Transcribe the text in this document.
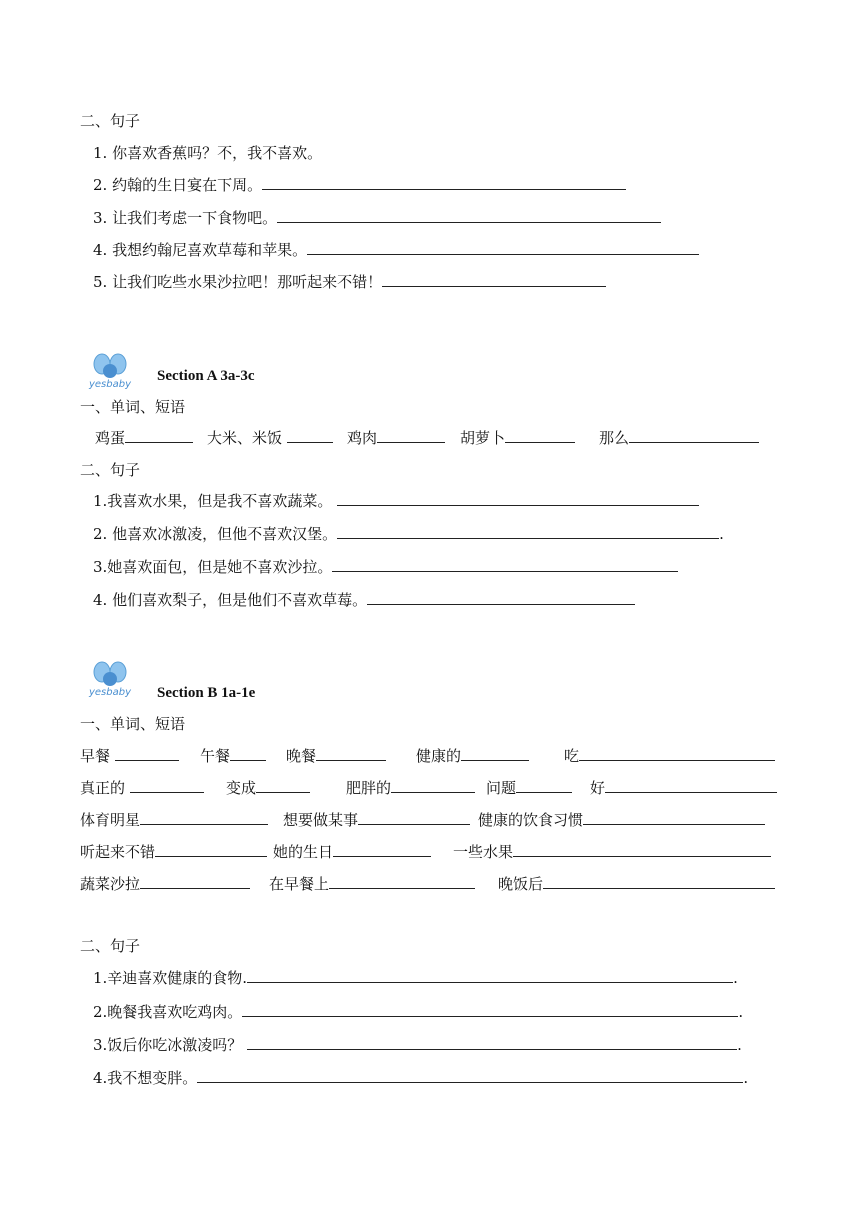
二、句子
1. 你喜欢香蕉吗？不，我不喜欢。
2. 约翰的生日宴在下周。
3. 让我们考虑一下食物吧。
4. 我想约翰尼喜欢草莓和苹果。
5. 让我们吃些水果沙拉吧！那听起来不错！
yesbaby
Section A 3a-3c
一、单词、短语
鸡蛋	大米、米饭	鸡肉	胡萝卜	那么
二、句子
1.我喜欢水果，但是我不喜欢蔬菜。
2. 他喜欢冰激凌，但他不喜欢汉堡。	.
3.她喜欢面包，但是她不喜欢沙拉。
4. 他们喜欢梨子，但是他们不喜欢草莓。
yesbaby Section B 1a-1e
一、单词、短语
早餐	午餐	晚餐	健康的	吃
真正的	变成	肥胖的	问题	好
体育明星	想要做某事	健康的饮食习惯
听起来不错	她的生日	一些水果
蔬菜沙拉	在早餐上	晚饭后
二、句子
1.辛迪喜欢健康的食物.	.
2.晚餐我喜欢吃鸡肉。	.
3.饭后你吃冰激凌吗？	.
4.我不想变胖。	.
